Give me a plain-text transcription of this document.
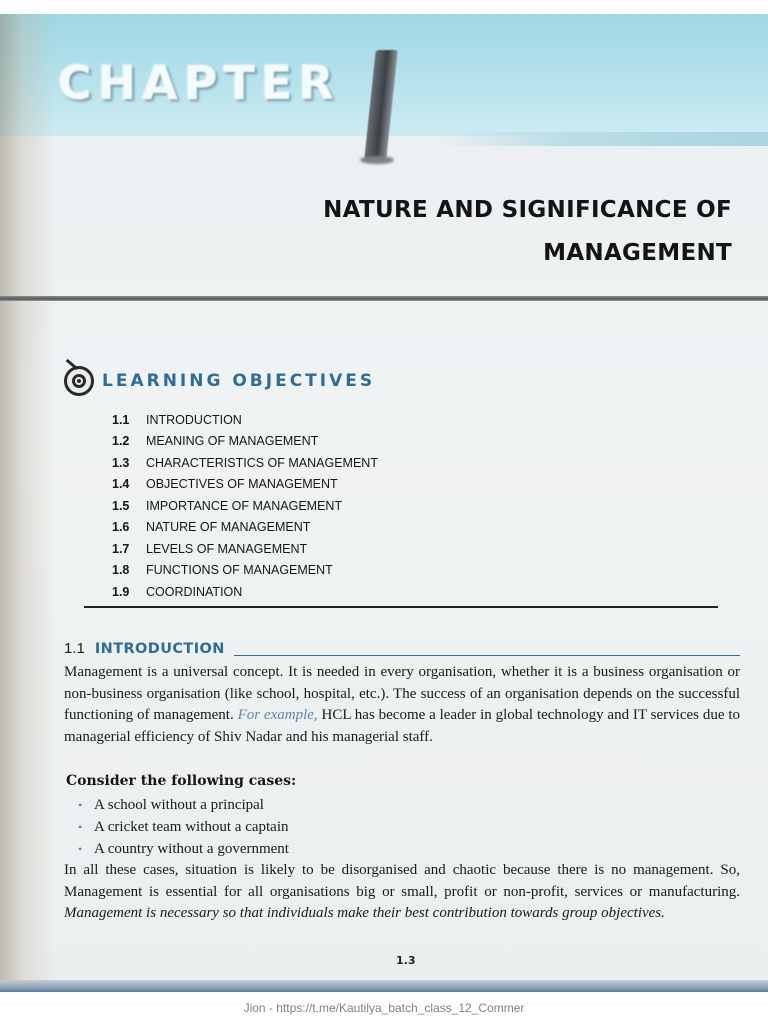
CHAPTER
NATURE AND SIGNIFICANCE OF
MANAGEMENT
LEARNING OBJECTIVES
1.1	INTRODUCTION
1.2	MEANING OF MANAGEMENT
1.3	CHARACTERISTICS OF MANAGEMENT
1.4	OBJECTIVES OF MANAGEMENT
1.5	IMPORTANCE OF MANAGEMENT
1.6	NATURE OF MANAGEMENT
1.7	LEVELS OF MANAGEMENT
1.8	FUNCTIONS OF MANAGEMENT
1.9	COORDINATION
1.1 INTRODUCTION

Management is a universal concept. It is needed in every organisation, whether it is a business organisation or non-business organisation (like school, hospital, etc.). The success of an organisation depends on the successful functioning of management. For example, HCL has become a leader in global technology and IT services due to managerial efficiency of Shiv Nadar and his managerial staff.

Consider the following cases:
• A school without a principal
• A cricket team without a captain
• A country without a government

In all these cases, situation is likely to be disorganised and chaotic because there is no management. So, Management is essential for all organisations big or small, profit or non-profit, services or manufacturing. Management is necessary so that individuals make their best contribution towards group objectives.

1.3
Jion - https://t.me/Kautilya_batch_class_12_Commer
